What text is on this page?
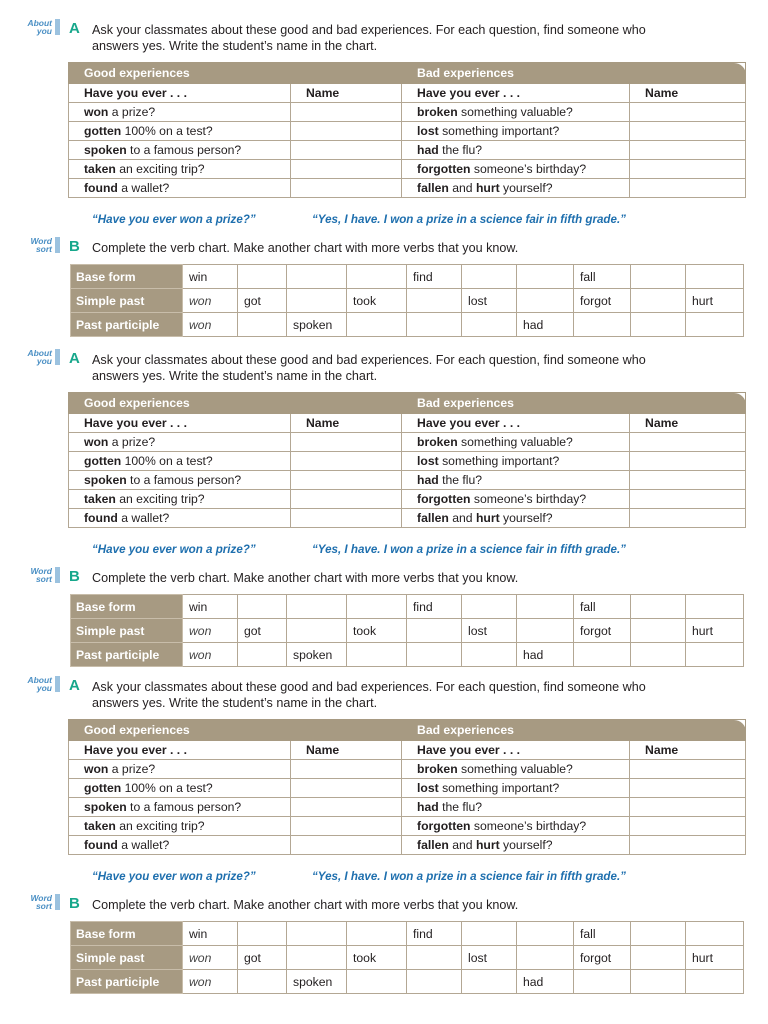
About
you A Ask your classmates about these good and bad experiences. For each question, find someone who
answers yes. Write the student’s name in the chart.
Good experiences		Bad experiences	
Have you ever . . .	Name	Have you ever . . .	Name
won a prize?		broken something valuable?	
gotten 100% on a test?		lost something important?	
spoken to a famous person?		had the flu?	
taken an exciting trip?		forgotten someone’s birthday?	
found a wallet?		fallen and hurt yourself?	
“Have you ever won a prize?”	“Yes, I have. I won a prize in a science fair in fifth grade.”
Word
sort B Complete the verb chart. Make another chart with more verbs that you know.
Base form	win				find			fall		
Simple past	won	got		took		lost		forgot		hurt
Past participle	won		spoken				had			
About
you A Ask your classmates about these good and bad experiences. For each question, find someone who
answers yes. Write the student’s name in the chart.
Good experiences		Bad experiences	
Have you ever . . .	Name	Have you ever . . .	Name
won a prize?		broken something valuable?	
gotten 100% on a test?		lost something important?	
spoken to a famous person?		had the flu?	
taken an exciting trip?		forgotten someone’s birthday?	
found a wallet?		fallen and hurt yourself?	
“Have you ever won a prize?”	“Yes, I have. I won a prize in a science fair in fifth grade.”
Word
sort B Complete the verb chart. Make another chart with more verbs that you know.
Base form	win				find			fall		
Simple past	won	got		took		lost		forgot		hurt
Past participle	won		spoken				had			
About
you A Ask your classmates about these good and bad experiences. For each question, find someone who
answers yes. Write the student’s name in the chart.
Good experiences		Bad experiences	
Have you ever . . .	Name	Have you ever . . .	Name
won a prize?		broken something valuable?	
gotten 100% on a test?		lost something important?	
spoken to a famous person?		had the flu?	
taken an exciting trip?		forgotten someone’s birthday?	
found a wallet?		fallen and hurt yourself?	
“Have you ever won a prize?”	“Yes, I have. I won a prize in a science fair in fifth grade.”
Word
sort B Complete the verb chart. Make another chart with more verbs that you know.
Base form	win				find			fall		
Simple past	won	got		took		lost		forgot		hurt
Past participle	won		spoken				had			
